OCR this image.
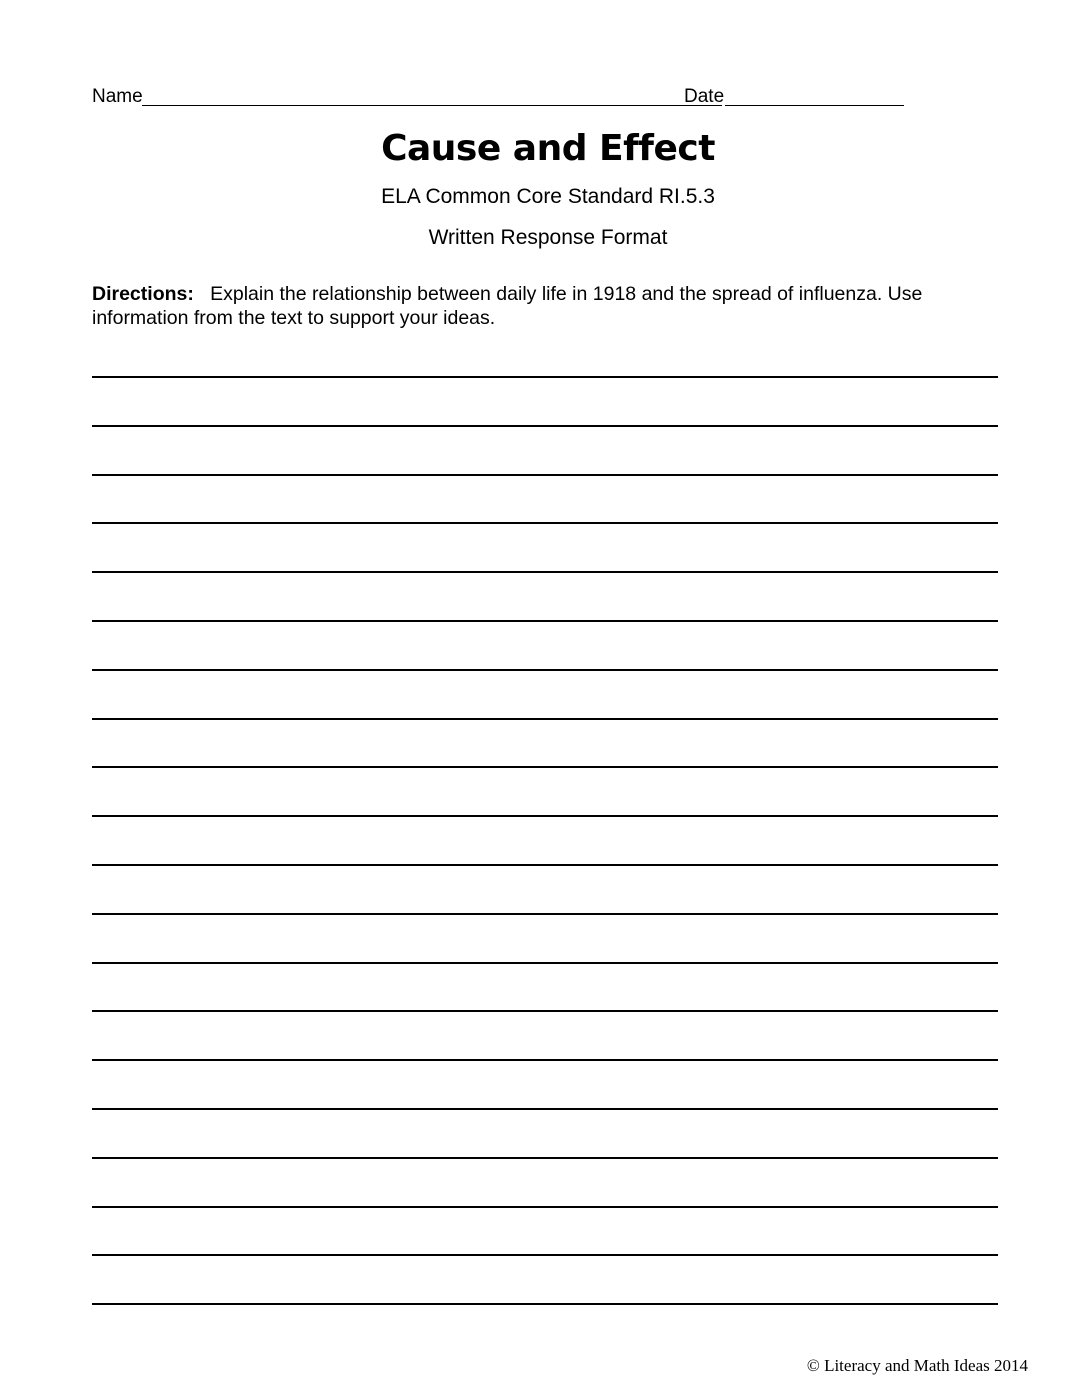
Name	Date
Cause and Effect
ELA Common Core Standard RI.5.3
Written Response Format
Directions: Explain the relationship between daily life in 1918 and the spread of influenza. Use information from the text to support your ideas.
© Literacy and Math Ideas 2014
